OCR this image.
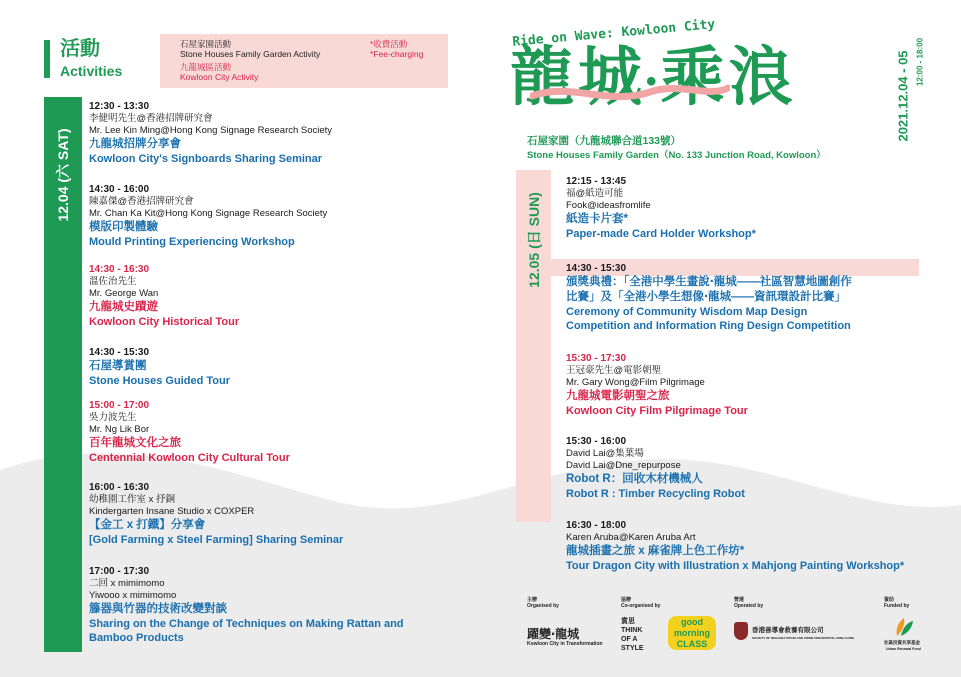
活動
Activities
石屋家園活動
Stone Houses Family Garden Activity
九龍城區活動
Kowloon City Activity
*收費活動
*Fee-charging
12.04 (六 SAT)
12:30 - 13:30
李健明先生@香港招牌研究會
Mr. Lee Kin Ming@Hong Kong Signage Research Society
九龍城招牌分享會
Kowloon City's Signboards Sharing Seminar
14:30 - 16:00
陳嘉傑@香港招牌研究會
Mr. Chan Ka Kit@Hong Kong Signage Research Society
模版印製體驗
Mould Printing Experiencing Workshop
14:30 - 16:30
溫佐治先生
Mr. George Wan
九龍城史蹟遊
Kowloon City Historical Tour
14:30 - 15:30
石屋導賞團
Stone Houses Guided Tour
15:00 - 17:00
吳力波先生
Mr. Ng Lik Bor
百年龍城文化之旅
Centennial Kowloon City Cultural Tour
16:00 - 16:30
幼稚園工作室 x 抒銅
Kindergarten Insane Studio x COXPER
【金工 x 打鐵】分享會
[Gold Farming x Steel Farming] Sharing Seminar
17:00 - 17:30
二回 x mimimomo
Yiwooo x mimimomo
籐器與竹器的技術改變對談
Sharing on the Change of Techniques on Making Rattan and
Bamboo Products
Ride on Wave: Kowloon City
龍城•乘浪
石屋家園（九龍城聯合道133號）
Stone Houses Family Garden（No. 133 Junction Road, Kowloon）
2021.12.04 - 05 12:00 - 18:00
12.05 (日 SUN)
12:15 - 13:45
福@紙造可能
Fook@ideasfromlife
紙造卡片套*
Paper-made Card Holder Workshop*
14:30 - 15:30
頒獎典禮：「全港中學生畫說‧龍城——社區智慧地圖創作
比賽」及「全港小學生想像‧龍城——資訊環設計比賽」
Ceremony of Community Wisdom Map Design
Competition and Information Ring Design Competition
15:30 - 17:30
王冠豪先生@電影朝聖
Mr. Gary Wong@Film Pilgrimage
九龍城電影朝聖之旅
Kowloon City Film Pilgrimage Tour
15:30 - 16:00
David Lai@集葉場
David Lai@Dne_repurpose
Robot R：回收木材機械人
Robot R : Timber Recycling Robot
16:30 - 18:00
Karen Aruba@Karen Aruba Art
龍城插畫之旅 x 麻雀牌上色工作坊*
Tour Dragon City with Illustration x Mahjong Painting Workshop*
主辦
Organised by
躍變‧龍城
Kowloon City in Transformation
協辦
Co-organised by
賞思
THINK
OF A
STYLE
good
morning
CLASS
營運
Operated by
香港善導會救養有限公司
SOCIETY OF REHABILITATION AND CRIME PREVENTION, HONG KONG
資助
Funded by
社區投資共享基金
Urban Renewal Fund
